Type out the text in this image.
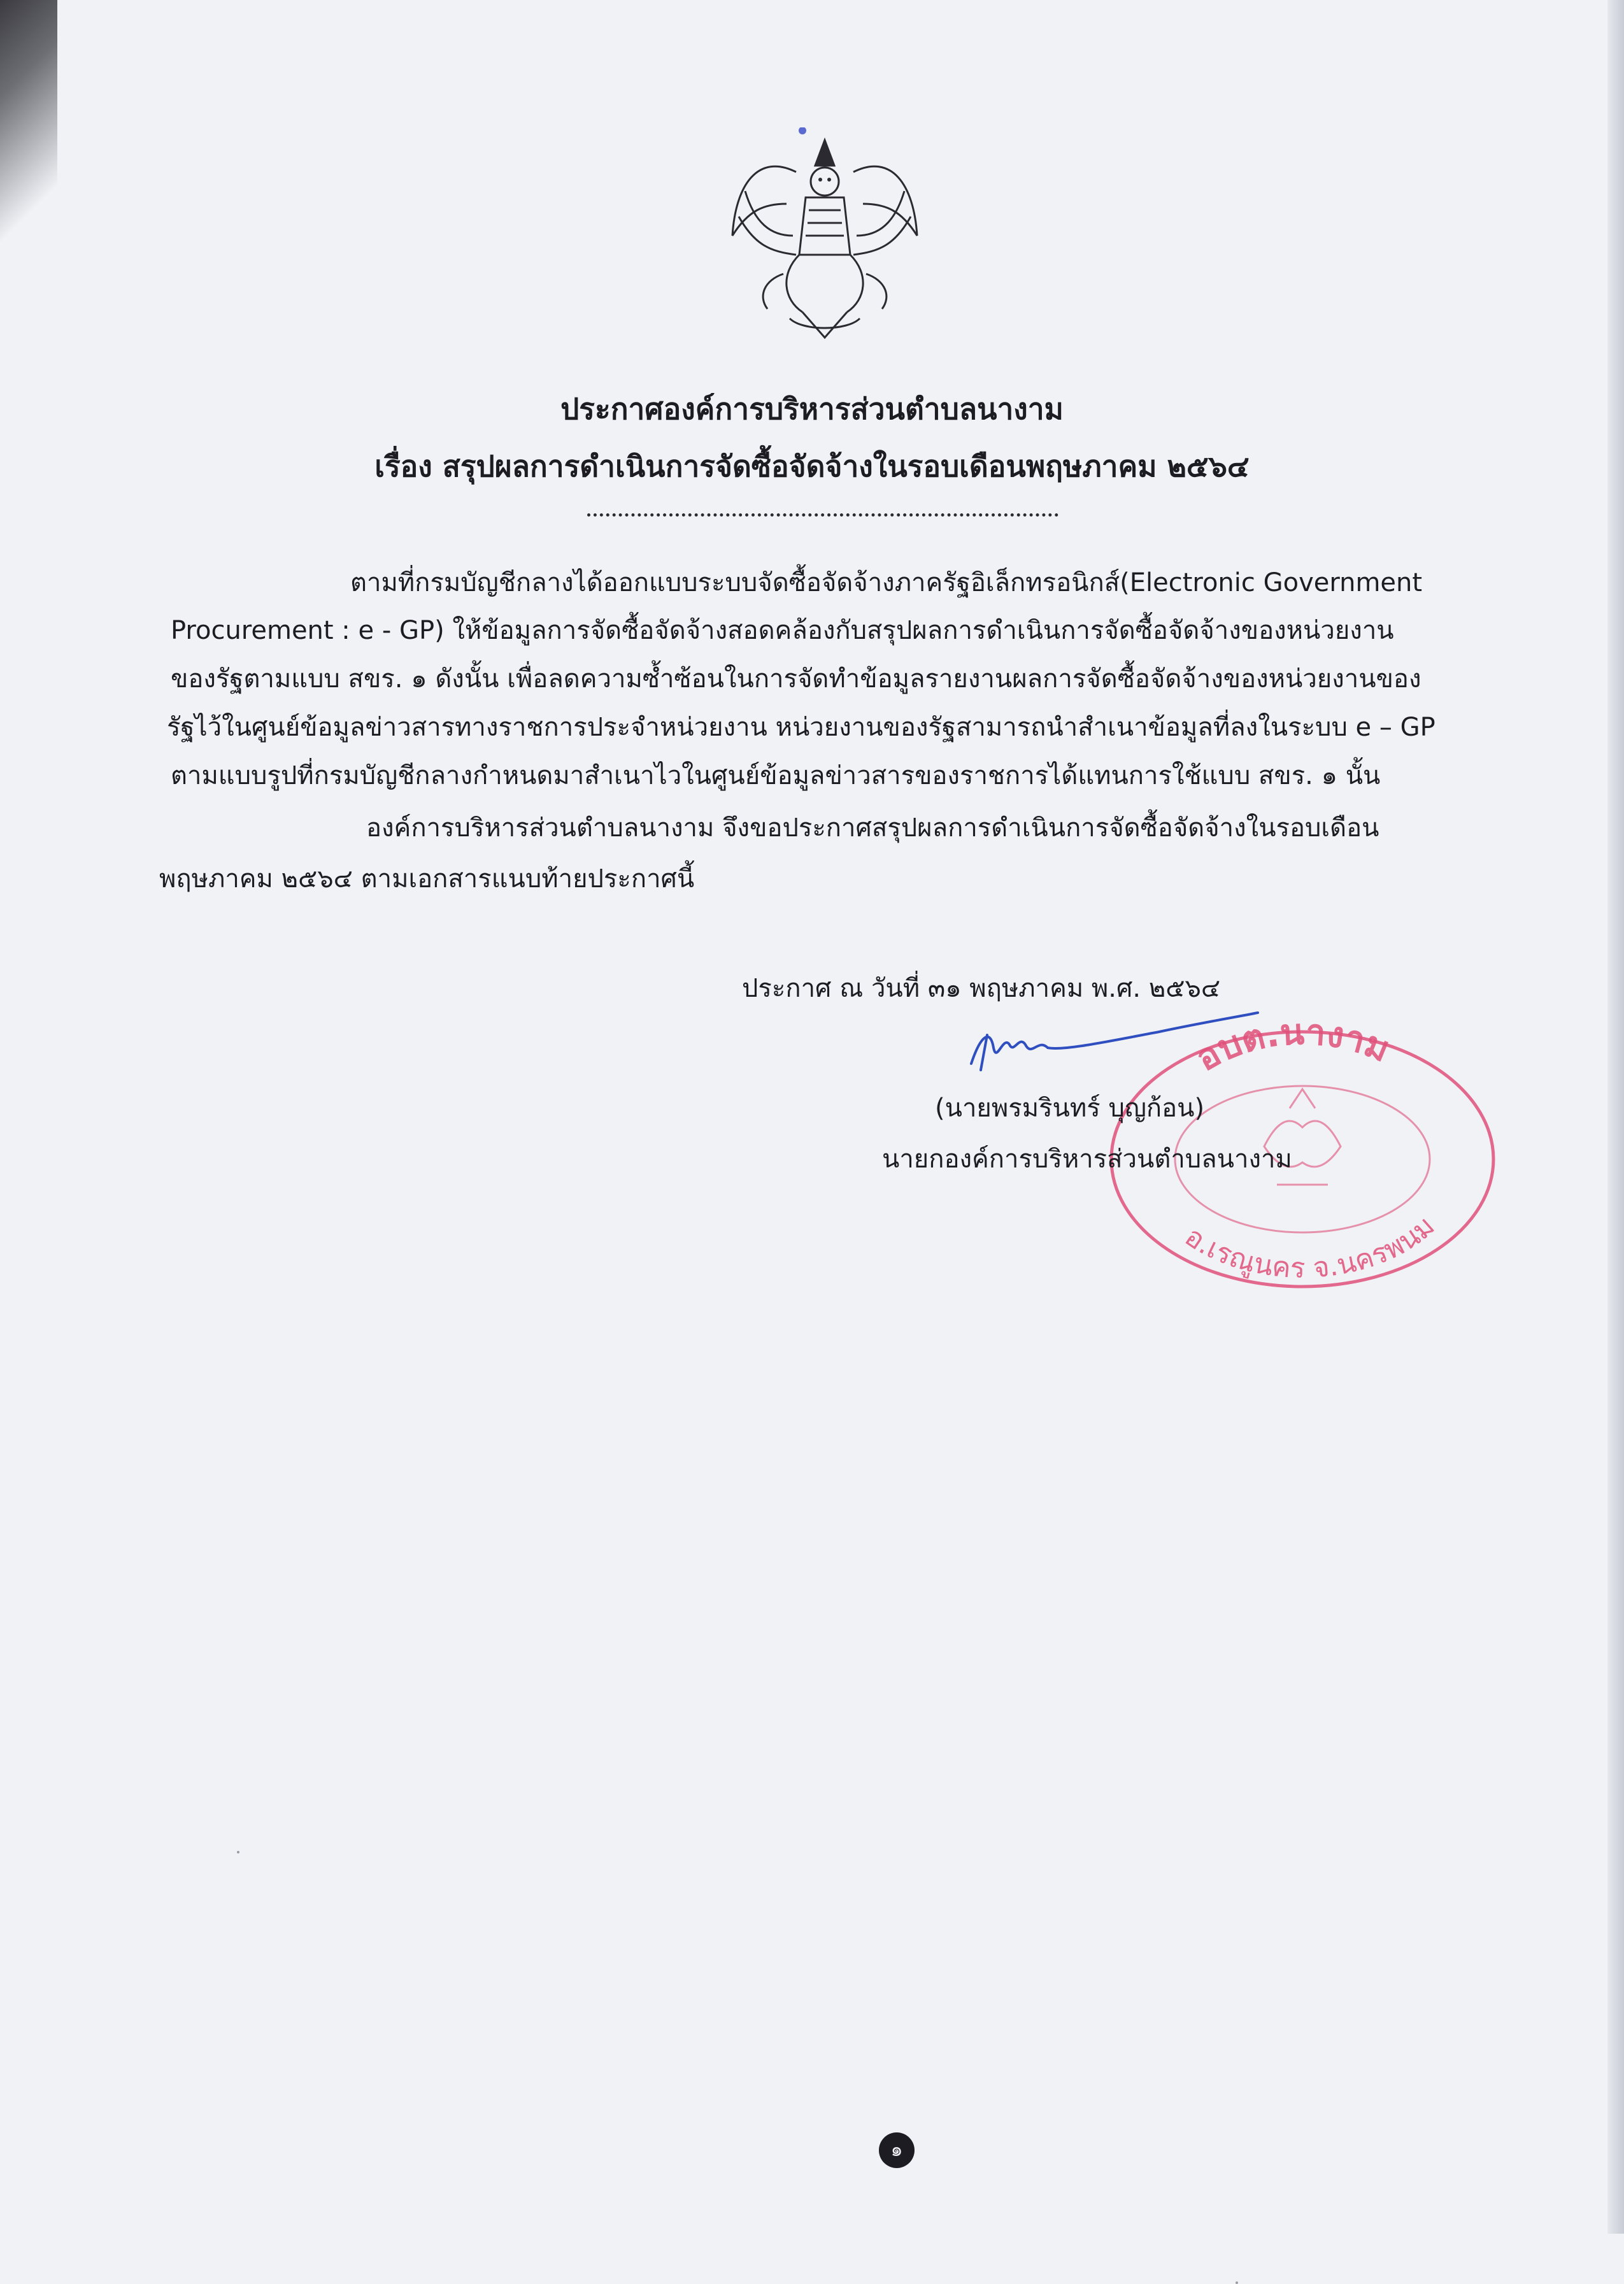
ประกาศองค์การบริหารส่วนตำบลนางาม
เรื่อง สรุปผลการดำเนินการจัดซื้อจัดจ้างในรอบเดือนพฤษภาคม ๒๕๖๔
ตามที่กรมบัญชีกลางได้ออกแบบระบบจัดซื้อจัดจ้างภาครัฐอิเล็กทรอนิกส์(Electronic Government
Procurement : e - GP) ให้ข้อมูลการจัดซื้อจัดจ้างสอดคล้องกับสรุปผลการดำเนินการจัดซื้อจัดจ้างของหน่วยงาน
ของรัฐตามแบบ สขร. ๑ ดังนั้น เพื่อลดความซ้ำซ้อนในการจัดทำข้อมูลรายงานผลการจัดซื้อจัดจ้างของหน่วยงานของ
รัฐไว้ในศูนย์ข้อมูลข่าวสารทางราชการประจำหน่วยงาน หน่วยงานของรัฐสามารถนำสำเนาข้อมูลที่ลงในระบบ e – GP
ตามแบบรูปที่กรมบัญชีกลางกำหนดมาสำเนาไวในศูนย์ข้อมูลข่าวสารของราชการได้แทนการใช้แบบ สขร. ๑ นั้น
องค์การบริหารส่วนตำบลนางาม จึงขอประกาศสรุปผลการดำเนินการจัดซื้อจัดจ้างในรอบเดือน
พฤษภาคม ๒๕๖๔ ตามเอกสารแนบท้ายประกาศนี้
ประกาศ ณ วันที่ ๓๑ พฤษภาคม พ.ศ. ๒๕๖๔
อบต.นางาม
อ.เรณูนคร จ.นครพนม
(นายพรมรินทร์ บุญก้อน)
นายกองค์การบริหารส่วนตำบลนางาม
๑
